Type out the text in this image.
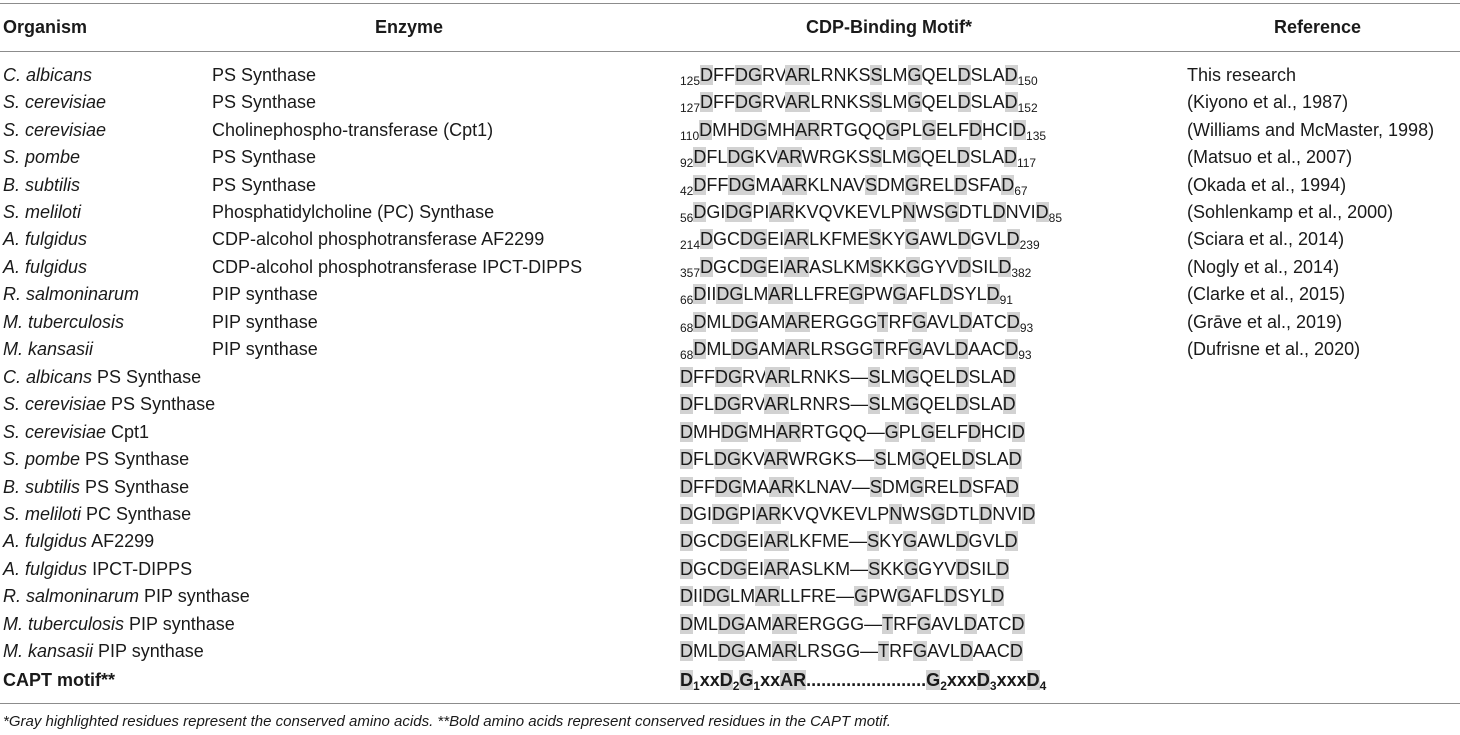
Organism	Enzyme	CDP-Binding Motif*	Reference
C. albicans	PS Synthase	$_{125}DFFDGRVARLRNKSSLMGQELDSLAD_{150}$	This research
S. cerevisiae	PS Synthase	$_{127}DFFDGRVARLRNKSSLMGQELDSLAD_{152}$	(Kiyono et al., 1987)
S. cerevisiae	Cholinephospho-transferase (Cpt1)	$_{110}DMHDGMHARRTGQQGPLGELFDHCID_{135}$	(Williams and McMaster, 1998)
S. pombe	PS Synthase	$_{92}DFLDGKVARWRGKSSLMGQELDSLAD_{117}$	(Matsuo et al., 2007)
B. subtilis	PS Synthase	$_{42}DFFDGMAARKLNAVSDMGRELDSFAD_{67}$	(Okada et al., 1994)
S. meliloti	Phosphatidylcholine (PC) Synthase	$_{56}DGIDGPIARKVQVKEVLPNWSGDTLDNVID_{85}$	(Sohlenkamp et al., 2000)
A. fulgidus	CDP-alcohol phosphotransferase AF2299	$_{214}DGCDGEIARLKFMESKYGAWLDGVLD_{239}$	(Sciara et al., 2014)
A. fulgidus	CDP-alcohol phosphotransferase IPCT-DIPPS	$_{357}DGCDGEIARASLKMSKKGGYVDSILD_{382}$	(Nogly et al., 2014)
R. salmoninarum	PIP synthase	$_{66}DIIDGLMARLLFREGPWGAFLDSYLD_{91}$	(Clarke et al., 2015)
M. tuberculosis	PIP synthase	$_{68}DMLDGAMARERGGGTRFGAVLDATCD_{93}$	(Grāve et al., 2019)
M. kansasii	PIP synthase	$_{68}DMLDGAMARLRSGGTRFGAVLDAACD_{93}$	(Dufrisne et al., 2020)
C. albicans PS Synthase	DFFDGRVARLRNKS—SLMGQELDSLAD
S. cerevisiae PS Synthase	DFLDGRVARLRNRS—SLMGQELDSLAD
S. cerevisiae Cpt1	DMHDGMHARRTGQQ—GPLGELFDHCID
S. pombe PS Synthase	DFLDGKVARWRGKS—SLMGQELDSLAD
B. subtilis PS Synthase	DFFDGMAARKLNAV—SDMGRELDSFAD
S. meliloti PC Synthase	DGIDGPIARKVQVKEVLPNWSGDTLDNVID
A. fulgidus AF2299	DGCDGEIARLKFME—SKYGAWLDGVLD
A. fulgidus IPCT-DIPPS	DGCDGEIARASLKM—SKKGGYVDSILD
R. salmoninarum PIP synthase	DIIDGLMARLLFRE—GPWGAFLDSYLD
M. tuberculosis PIP synthase	DMLDGAMARERGGG—TRFGAVLDATCD
M. kansasii PIP synthase	DMLDGAMARLRSGG—TRFGAVLDAACD
CAPT motif**	$D_1xxD_2G_1xxAR........................G_2xxxD_3xxxD_4$
*Gray highlighted residues represent the conserved amino acids. **Bold amino acids represent conserved residues in the CAPT motif.
